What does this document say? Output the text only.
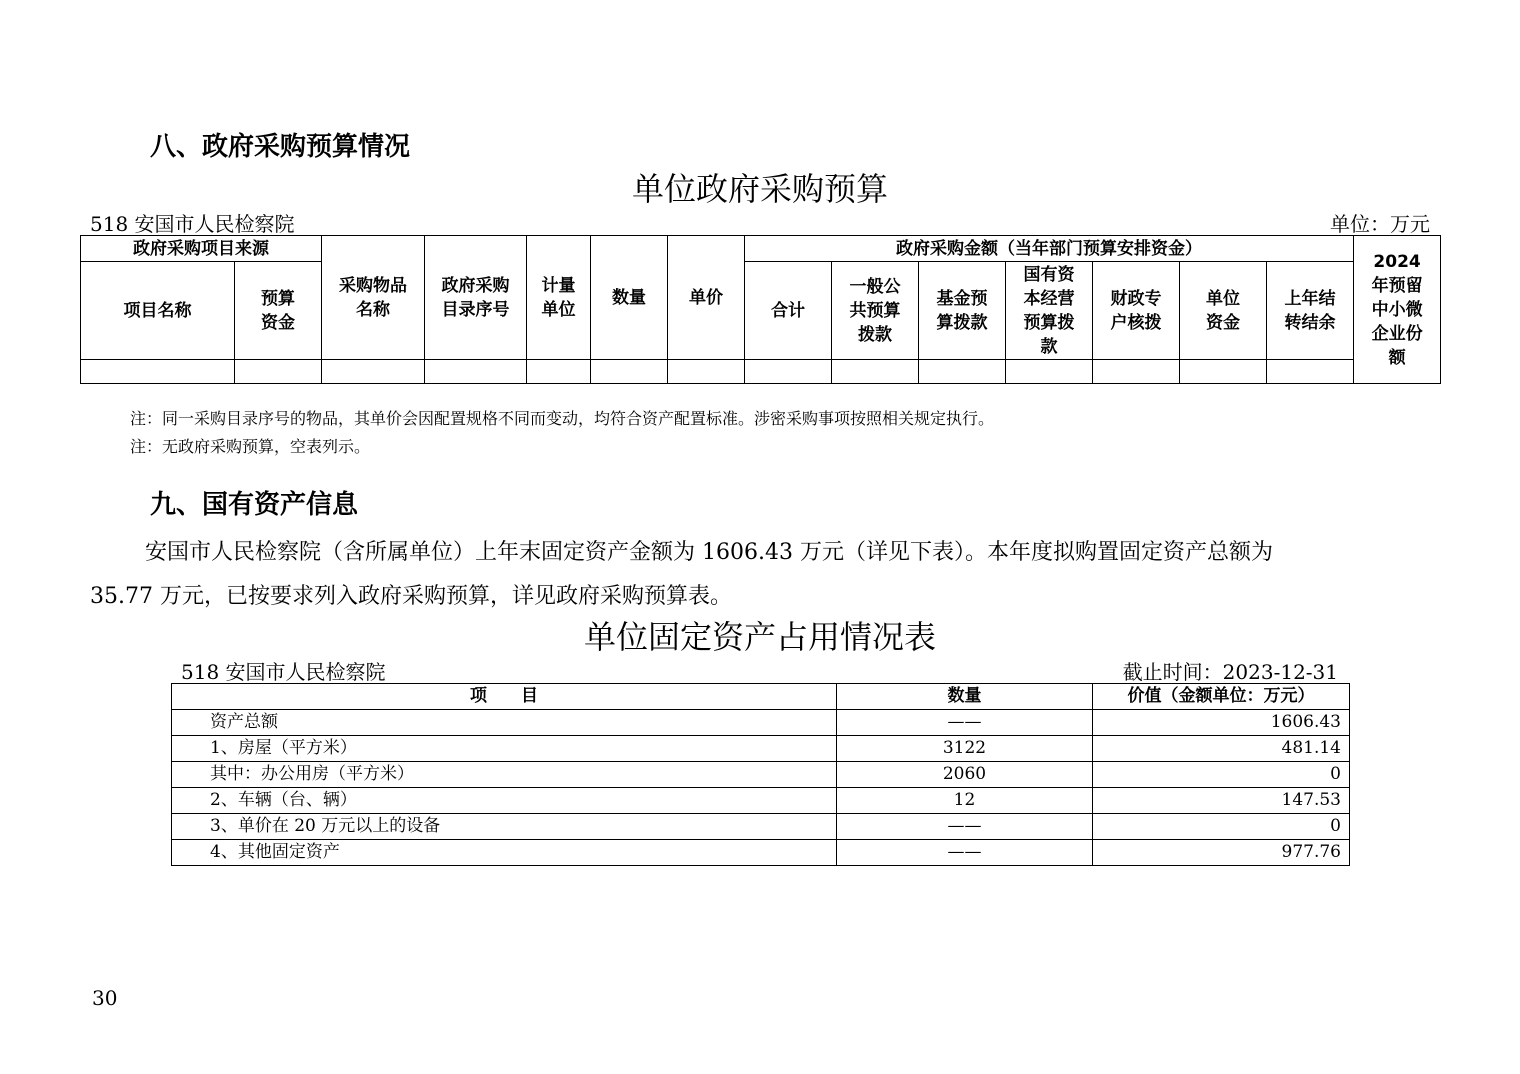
八、政府采购预算情况
单位政府采购预算
518 安国市人民检察院	单位：万元
政府采购项目来源		采购物品名称	政府采购目录序号	计量单位	数量	单价	政府采购金额（当年部门预算安排资金）							2024 年预留中小微企业份额

项目名称	预算资金						合计	一般公共预算拨款	基金预算拨款	国有资本经营预算拨款	财政专户核拨	单位资金	上年结转结余	

注：同一采购目录序号的物品，其单价会因配置规格不同而变动，均符合资产配置标准。涉密采购事项按照相关规定执行。
注：无政府采购预算，空表列示。
九、国有资产信息
安国市人民检察院（含所属单位）上年末固定资产金额为 1606.43 万元（详见下表）。本年度拟购置固定资产总额为
35.77 万元，已按要求列入政府采购预算，详见政府采购预算表。
单位固定资产占用情况表
518 安国市人民检察院	截止时间：2023-12-31
项　　目	数量	价值（金额单位：万元）
资产总额	——	1606.43
1、房屋（平方米）	3122	481.14
其中：办公用房（平方米）	2060	0
2、车辆（台、辆）	12	147.53
3、单价在 20 万元以上的设备	——	0
4、其他固定资产	——	977.76
30
